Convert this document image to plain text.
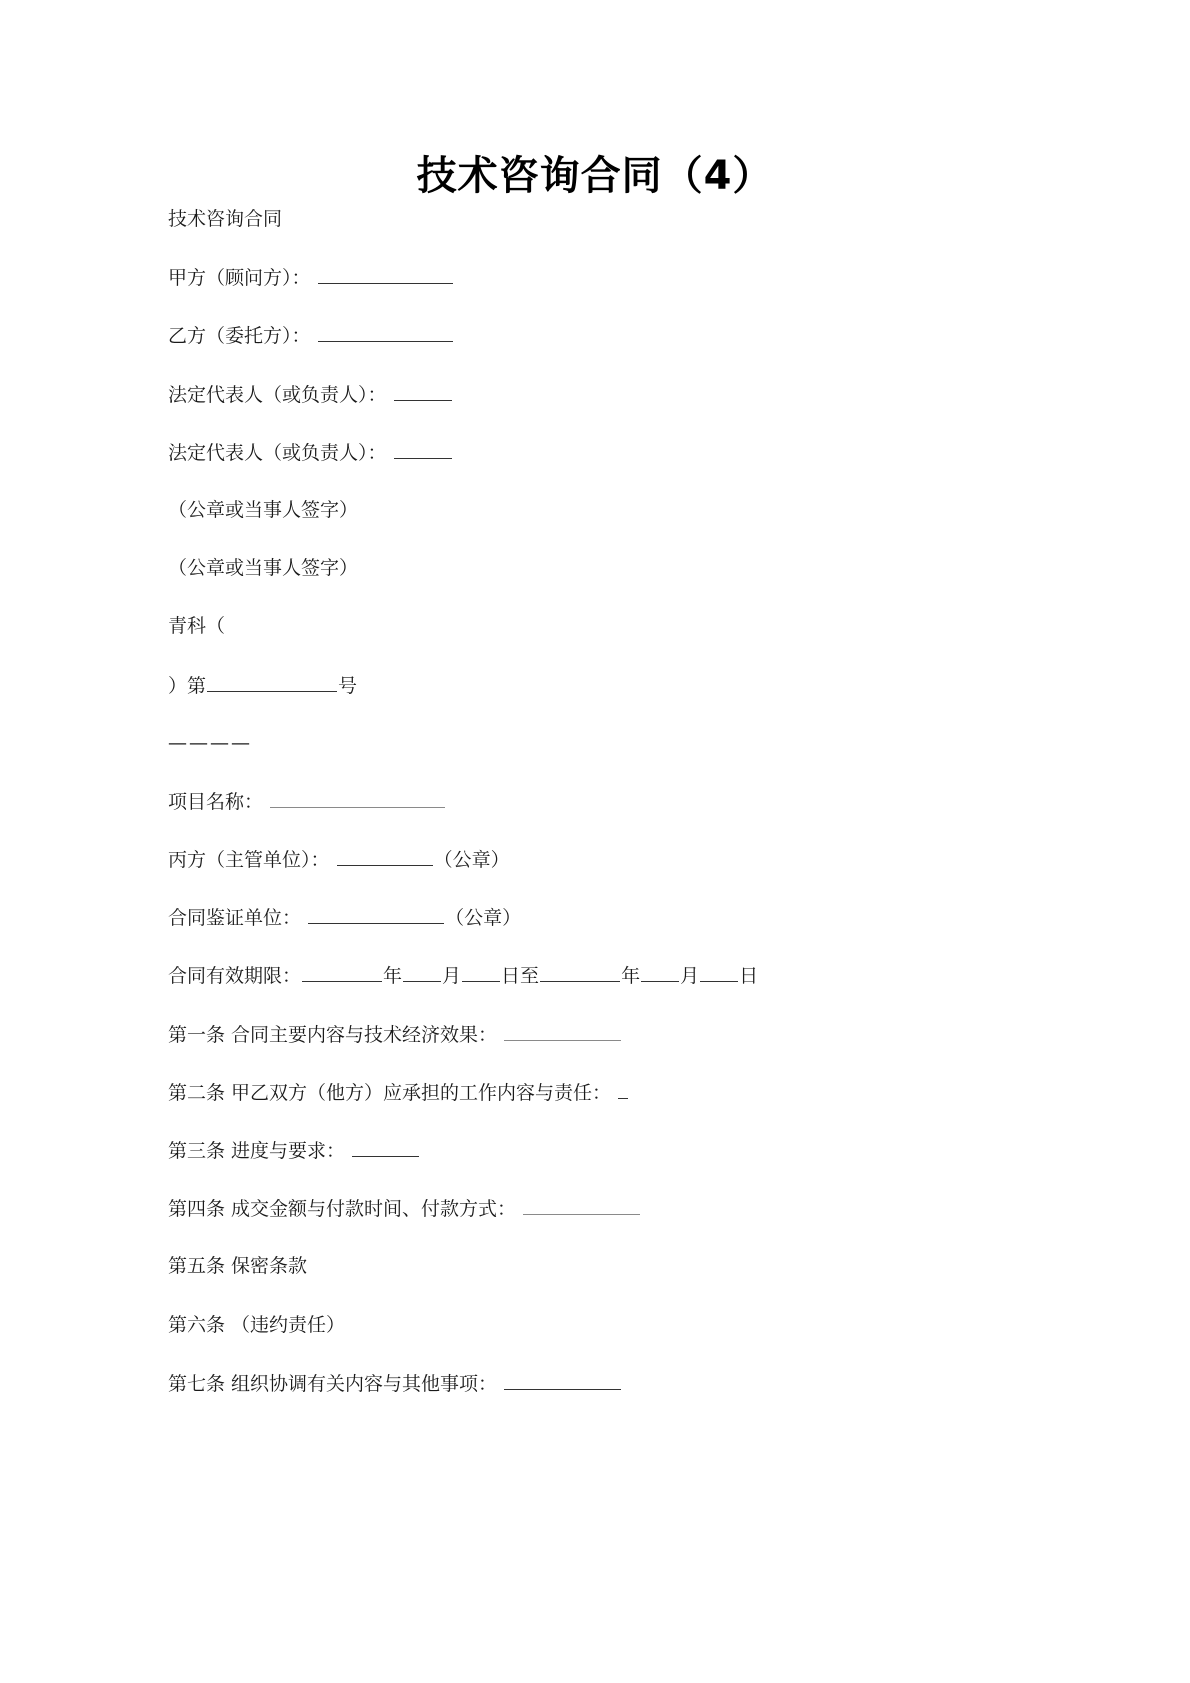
技术咨询合同（4）
技术咨询合同
甲方（顾问方）：
乙方（委托方）：
法定代表人（或负责人）：
法定代表人（或负责人）：
（公章或当事人签字）
（公章或当事人签字）
青科（
）第	号
————
项目名称：
丙方（主管单位）：	（公章）
合同鉴证单位：	（公章）
合同有效期限：	年 月 日至	年 月 日
第一条 合同主要内容与技术经济效果：
第二条 甲乙双方（他方）应承担的工作内容与责任：
第三条 进度与要求：
第四条 成交金额与付款时间、付款方式：
第五条 保密条款
第六条 （违约责任）
第七条 组织协调有关内容与其他事项：
